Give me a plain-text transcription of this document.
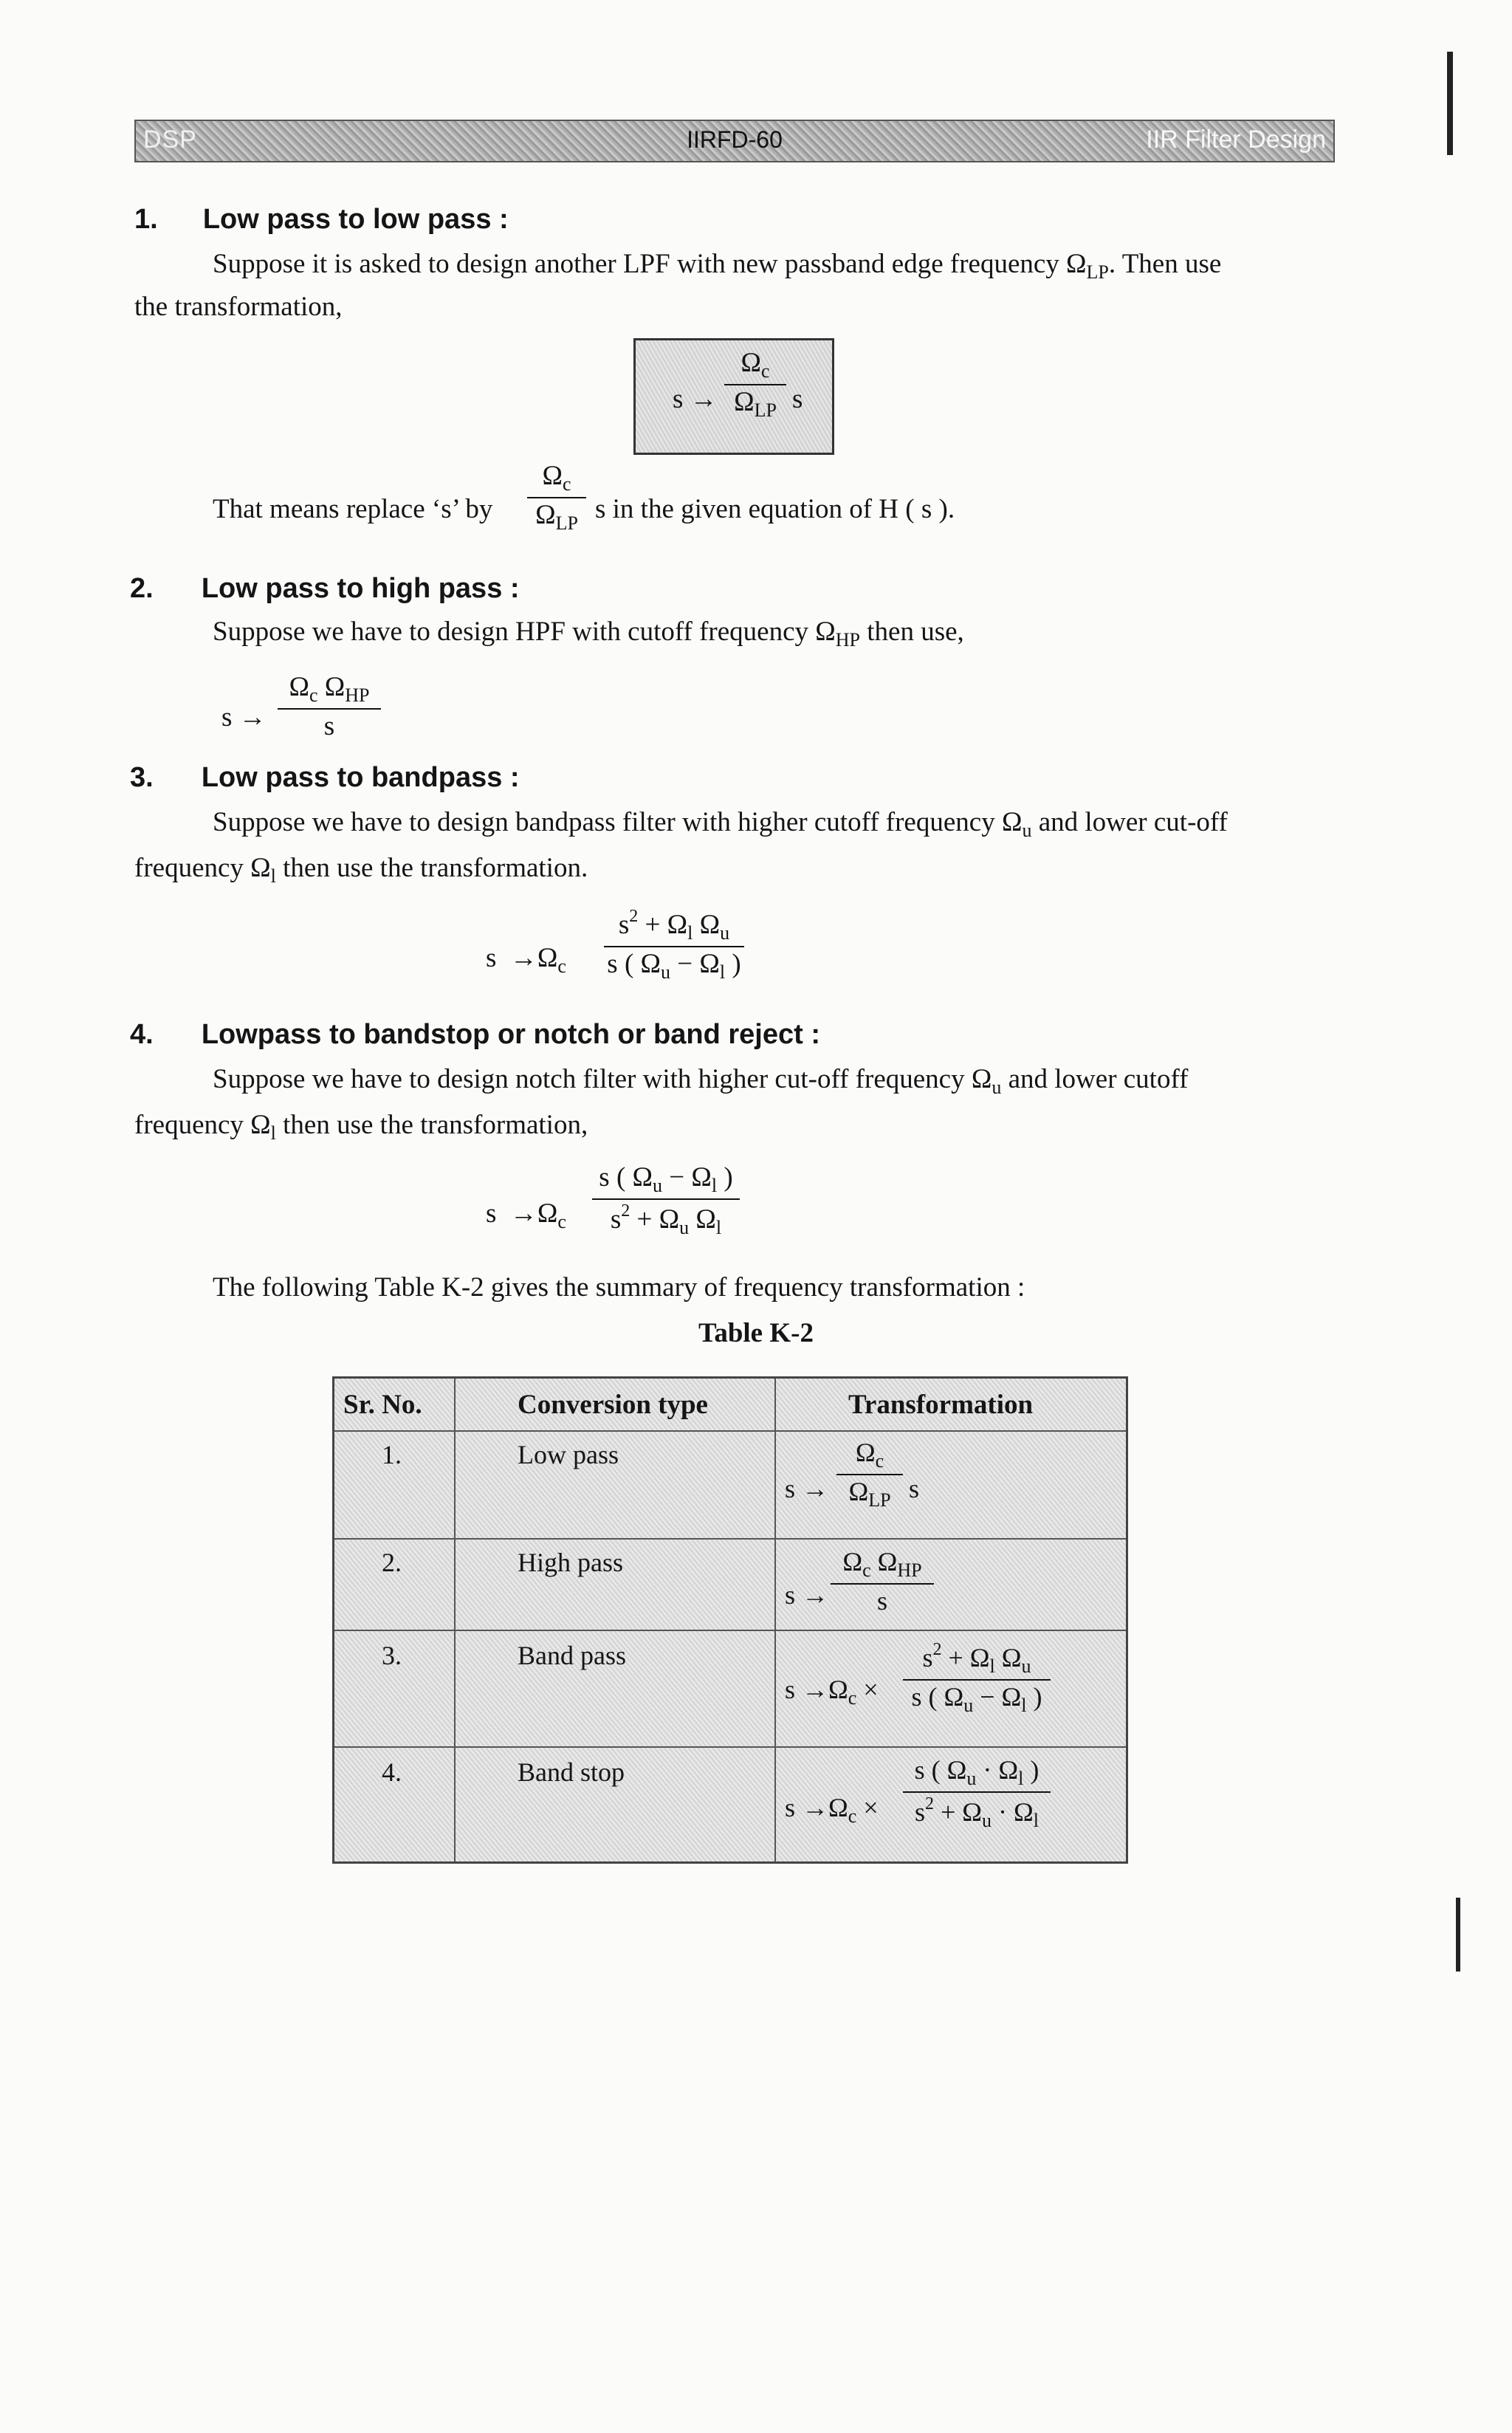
DSP	IIRFD-60	IIR Filter Design
1. Low pass to low pass :
Suppose it is asked to design another LPF with new passband edge frequency $\Omega_{LP}$. Then use
the transformation,
s →
$\Omega_c$
$\Omega_{LP}$ s
That means replace ‘s’ by
$\Omega_c$
$\Omega_{LP}$ s in the given equation of H ( s ).
2. Low pass to high pass :
Suppose we have to design HPF with cutoff frequency $\Omega_{HP}$ then use,
s →
$\Omega_c$ $\Omega_{HP}$
s
3. Low pass to bandpass :
Suppose we have to design bandpass filter with higher cutoff frequency $\Omega_u$ and lower cut-off
frequency $\Omega_l$ then use the transformation.
$s \to\Omega_c$
$s^2 + \Omega_l$ $\Omega_u$
s ( $\Omega_u - \Omega_l$ )
4. Lowpass to bandstop or notch or band reject :
Suppose we have to design notch filter with higher cut-off frequency $\Omega_u$ and lower cutoff
frequency $\Omega_l$ then use the transformation,
$s \to\Omega_c$
s ( $\Omega_u - \Omega_l$ )
$s^2 + \Omega_u$ $\Omega_l$
The following Table K-2 gives the summary of frequency transformation :
Table K-2
Sr. No.	Conversion type	Transformation
1.	Low pass
s →
$\Omega_c$
$\Omega_{LP}$ s
2.	High pass
s →
$\Omega_c$ $\Omega_{HP}$
s
3.	Band pass
$s \to\Omega_c$ ×
$s^2 + \Omega_l$ $\Omega_u$
s ( $\Omega_u - \Omega_l$ )
4.	Band stop
$s \to\Omega_c$ ×
s ( $\Omega_u \cdot \Omega_l$ )
$s^2 + \Omega_u \cdot \Omega_l$
